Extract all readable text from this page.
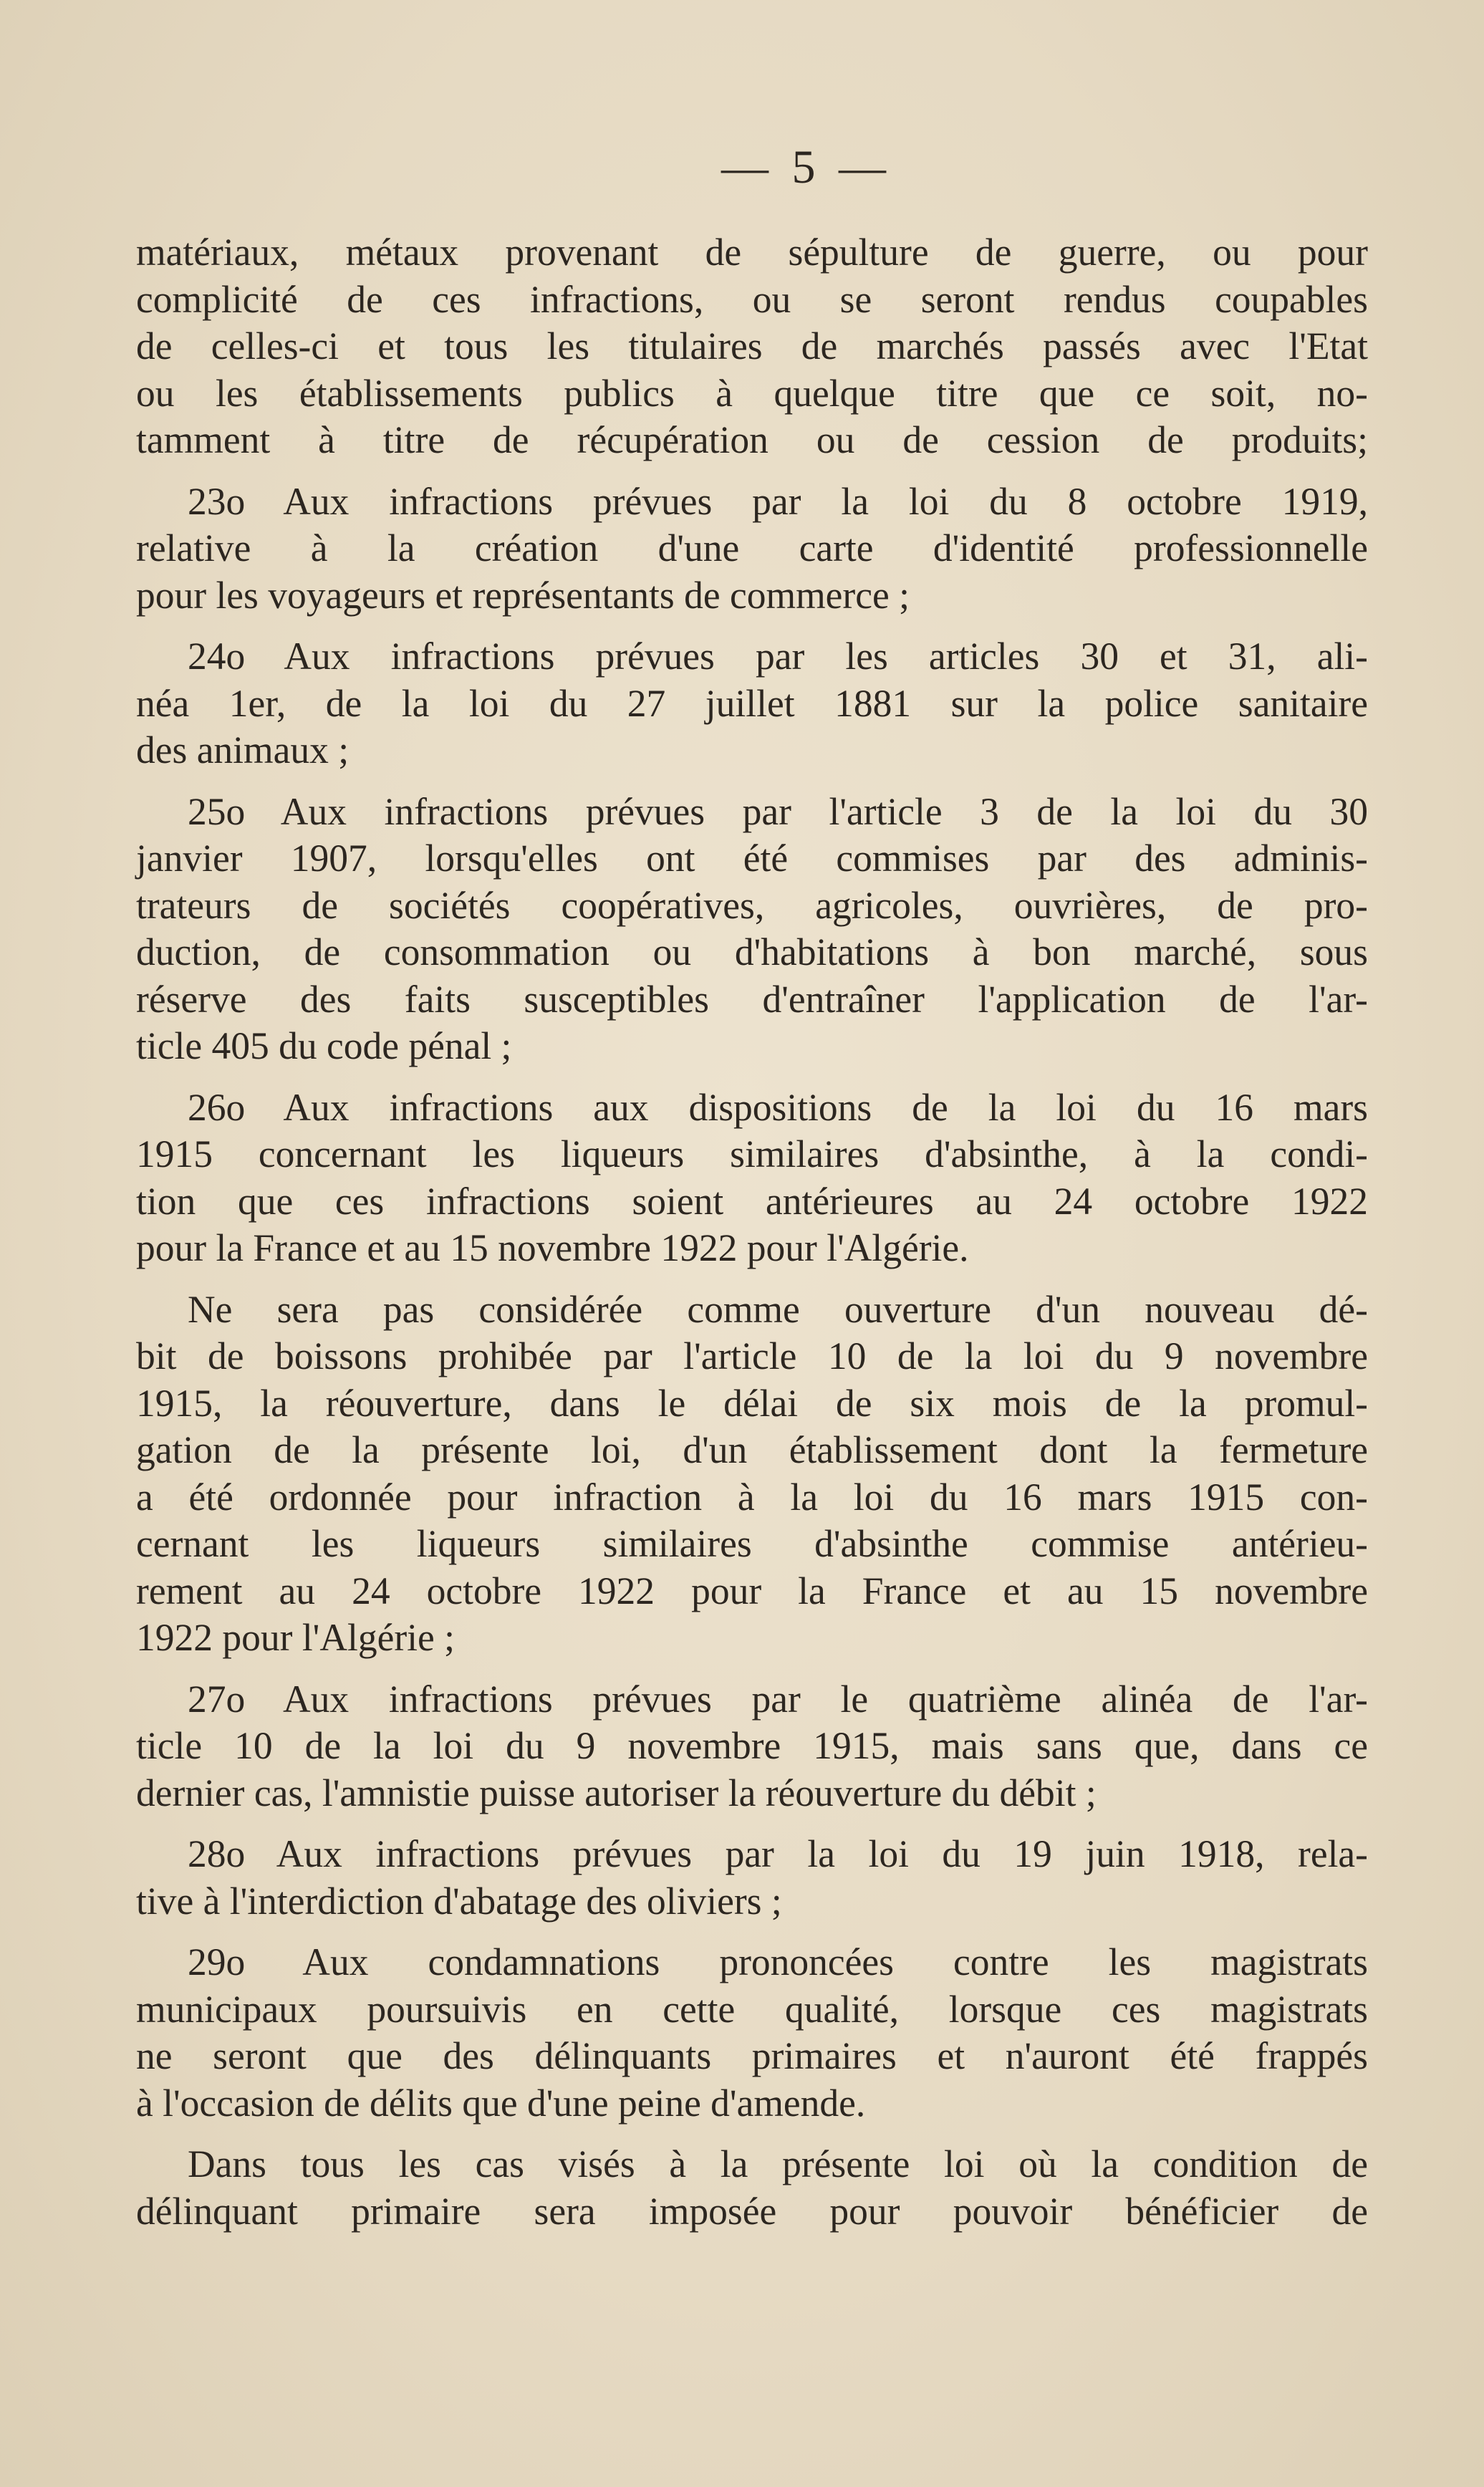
— 5 —

matériaux, métaux provenant de sépulture de guerre, ou pour
complicité de ces infractions, ou se seront rendus coupables
de celles-ci et tous les titulaires de marchés passés avec l'Etat
ou les établissements publics à quelque titre que ce soit, no-
tamment à titre de récupération ou de cession de produits;

23o Aux infractions prévues par la loi du 8 octobre 1919,
relative à la création d'une carte d'identité professionnelle
pour les voyageurs et représentants de commerce ;

24o Aux infractions prévues par les articles 30 et 31, ali-
néa 1er, de la loi du 27 juillet 1881 sur la police sanitaire
des animaux ;

25o Aux infractions prévues par l'article 3 de la loi du 30
janvier 1907, lorsqu'elles ont été commises par des adminis-
trateurs de sociétés coopératives, agricoles, ouvrières, de pro-
duction, de consommation ou d'habitations à bon marché, sous
réserve des faits susceptibles d'entraîner l'application de l'ar-
ticle 405 du code pénal ;

26o Aux infractions aux dispositions de la loi du 16 mars
1915 concernant les liqueurs similaires d'absinthe, à la condi-
tion que ces infractions soient antérieures au 24 octobre 1922
pour la France et au 15 novembre 1922 pour l'Algérie.

Ne sera pas considérée comme ouverture d'un nouveau dé-
bit de boissons prohibée par l'article 10 de la loi du 9 novembre
1915, la réouverture, dans le délai de six mois de la promul-
gation de la présente loi, d'un établissement dont la fermeture
a été ordonnée pour infraction à la loi du 16 mars 1915 con-
cernant les liqueurs similaires d'absinthe commise antérieu-
rement au 24 octobre 1922 pour la France et au 15 novembre
1922 pour l'Algérie ;

27o Aux infractions prévues par le quatrième alinéa de l'ar-
ticle 10 de la loi du 9 novembre 1915, mais sans que, dans ce
dernier cas, l'amnistie puisse autoriser la réouverture du débit ;

28o Aux infractions prévues par la loi du 19 juin 1918, rela-
tive à l'interdiction d'abatage des oliviers ;

29o Aux condamnations prononcées contre les magistrats
municipaux poursuivis en cette qualité, lorsque ces magistrats
ne seront que des délinquants primaires et n'auront été frappés
à l'occasion de délits que d'une peine d'amende.

Dans tous les cas visés à la présente loi où la condition de
délinquant primaire sera imposée pour pouvoir bénéficier de
